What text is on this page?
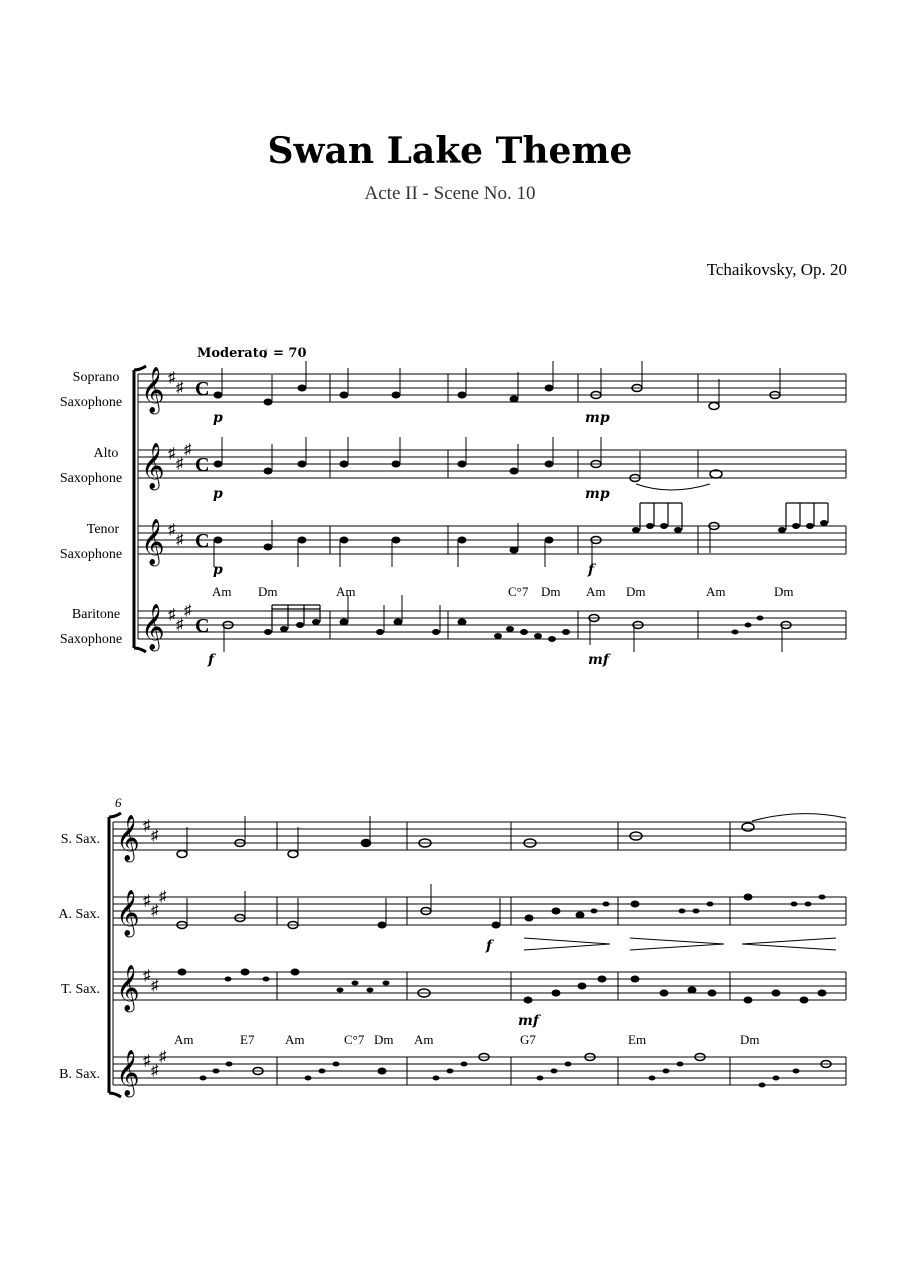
Swan Lake Theme
Acte II - Scene No. 10
Tchaikovsky, Op. 20
Moderato
♩
= 70
Soprano
Saxophone
Alto
Saxophone
Tenor
Saxophone
Baritone
Saxophone
𝄞
𝄞
𝄞
𝄞
♯
♯
♯
♯
♯
♯
♯
♯
♯
♯
C
C
C
C
p	mp
p	mp
p	f
f	mf
Am Dm	Am	C°7 Dm Am Dm	Am	Dm
6
S. Sax.
A. Sax.
T. Sax.
B. Sax.
𝄞
𝄞
𝄞
𝄞
♯
♯
♯
♯
♯
♯
♯
♯
♯
♯
f
mf
Am	E7 Am	C°7 Dm Am	G7	Em	Dm
